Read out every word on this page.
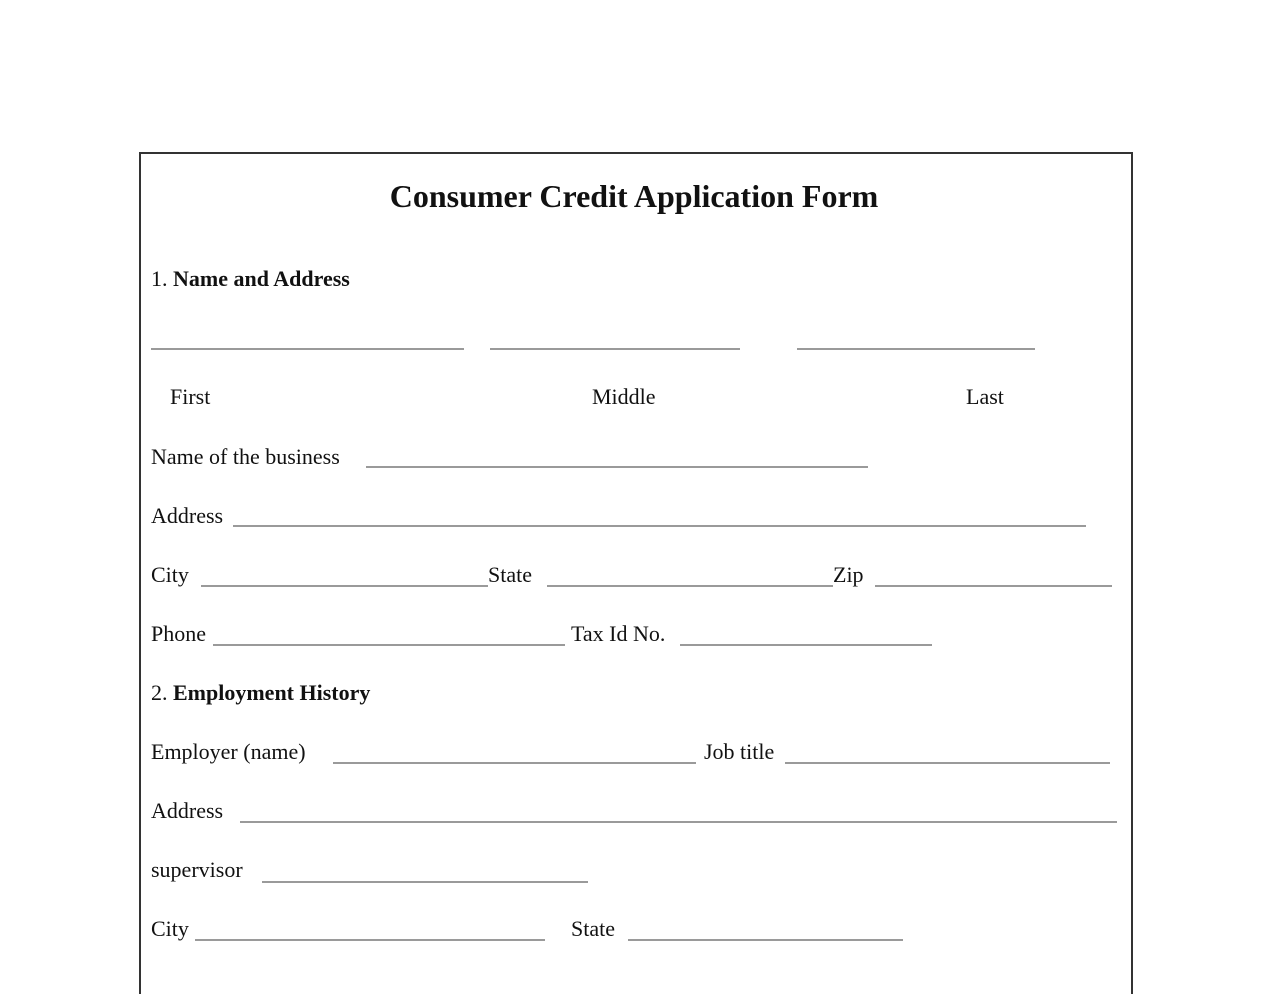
Consumer Credit Application Form
1. Name and Address
First	Middle	Last
Name of the business
Address
City	State	Zip
Phone	Tax Id No.
2. Employment History
Employer (name)	Job title
Address
supervisor
City	State
